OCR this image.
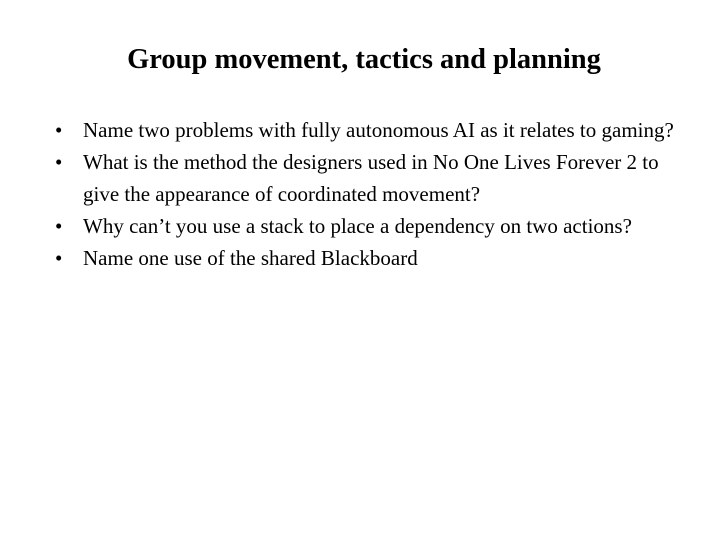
Group movement, tactics and planning
• Name two problems with fully autonomous AI as it relates to gaming?
• What is the method the designers used in No One Lives Forever 2 to give the appearance of coordinated movement?
• Why can’t you use a stack to place a dependency on two actions?
• Name one use of the shared Blackboard
